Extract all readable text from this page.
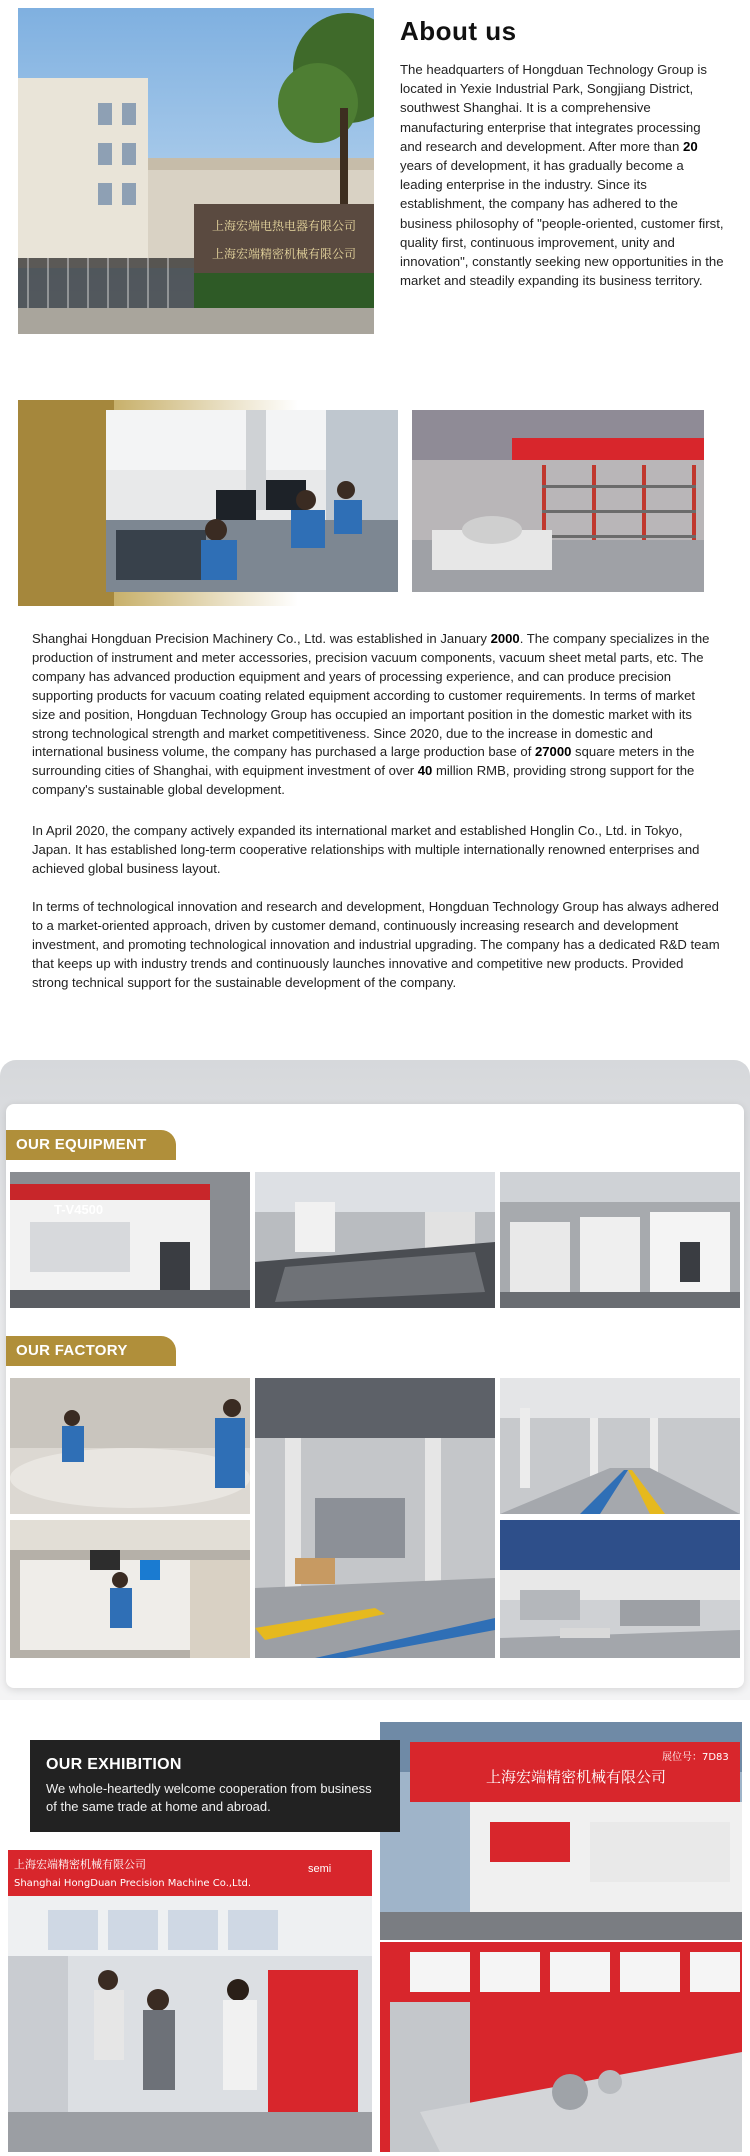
上海宏端电热电器有限公司
上海宏端精密机械有限公司
About us
The headquarters of Hongduan Technology Group is located in Yexie Industrial Park, Songjiang District, southwest Shanghai. It is a comprehensive manufacturing enterprise that integrates processing and research and development. After more than 20 years of development, it has gradually become a leading enterprise in the industry. Since its establishment, the company has adhered to the business philosophy of "people-oriented, customer first, quality first, continuous improvement, unity and innovation", constantly seeking new opportunities in the market and steadily expanding its business territory.
Shanghai Hongduan Precision Machinery Co., Ltd. was established in January 2000. The company specializes in the production of instrument and meter accessories, precision vacuum components, vacuum sheet metal parts, etc. The company has advanced production equipment and years of processing experience, and can produce precision supporting products for vacuum coating related equipment according to customer requirements. In terms of market size and position, Hongduan Technology Group has occupied an important position in the domestic market with its strong technological strength and market competitiveness. Since 2020, due to the increase in domestic and international business volume, the company has purchased a large production base of 27000 square meters in the surrounding cities of Shanghai, with equipment investment of over 40 million RMB, providing strong support for the company's sustainable global development.
In April 2020, the company actively expanded its international market and established Honglin Co., Ltd. in Tokyo, Japan. It has established long-term cooperative relationships with multiple internationally renowned enterprises and achieved global business layout.
In terms of technological innovation and research and development, Hongduan Technology Group has always adhered to a market-oriented approach, driven by customer demand, continuously increasing research and development investment, and promoting technological innovation and industrial upgrading. The company has a dedicated R&D team that keeps up with industry trends and continuously launches innovative and competitive new products. Provided strong technical support for the sustainable development of the company.
OUR EQUIPMENT
T-V4500
OUR FACTORY
上海宏端精密机械有限公司
展位号：7D83
上海宏端精密机械有限公司
Shanghai HongDuan Precision Machine Co.,Ltd.
semi
OUR EXHIBITION
We whole-heartedly welcome cooperation from business of the same trade at home and abroad.
